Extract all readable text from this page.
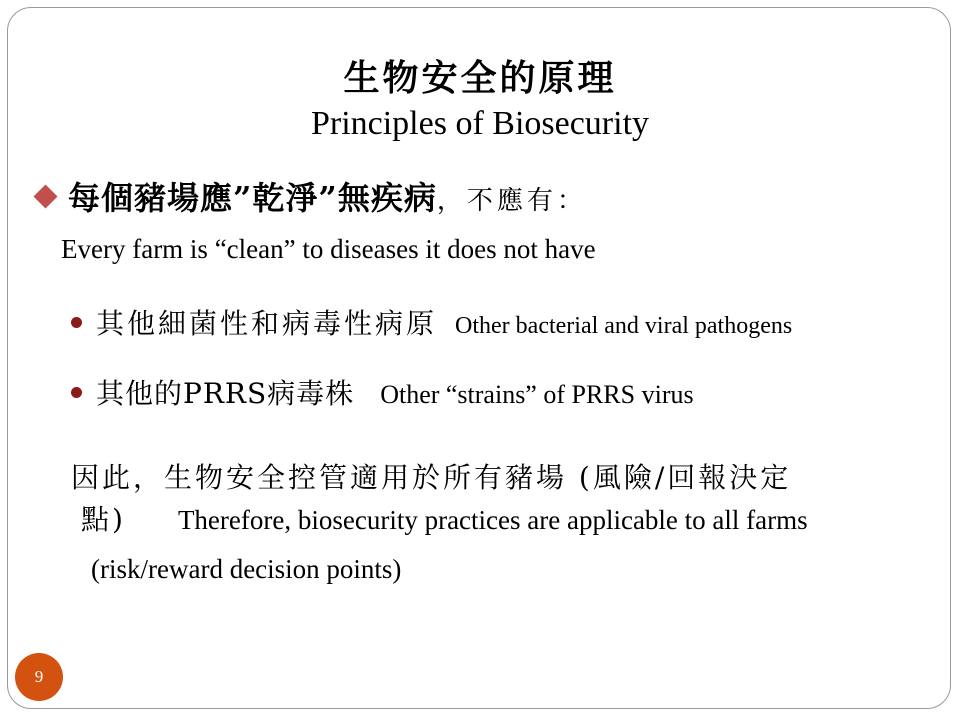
生物安全的原理
Principles of Biosecurity
每個豬場應”乾淨”無疾病，不應有：
Every farm is “clean” to diseases it does not have
其他細菌性和病毒性病原 Other bacterial and viral pathogens
其他的PRRS病毒株 Other “strains” of PRRS virus
因此，生物安全控管適用於所有豬場 (風險/回報決定
點) Therefore, biosecurity practices are applicable to all farms
(risk/reward decision points)
9
